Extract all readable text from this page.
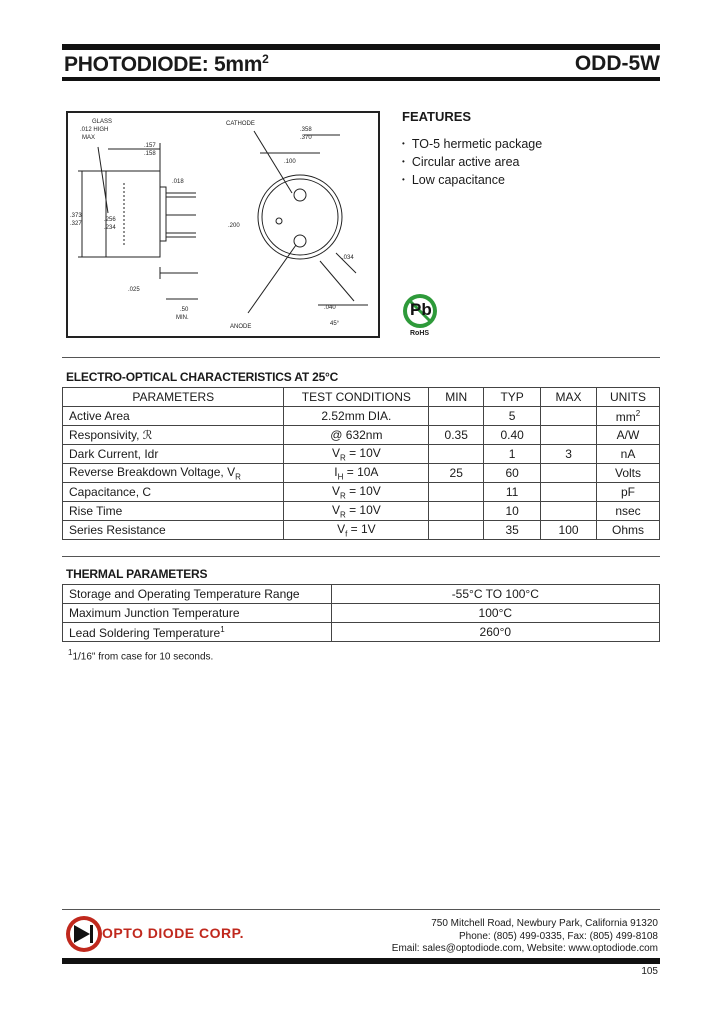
PHOTODIODE: $5mm^2$	ODD-5W
GLASS
.012 HIGH
MAX
.157
.158
.018
.373
.327
.256
.234
.025
.50
MIN.
CATHODE
.358
.370
.100
.200
.034
.040
45°
ANODE
FEATURES
• TO-5 hermetic package
• Circular active area
• Low capacitance
Pb
RoHS
ELECTRO-OPTICAL CHARACTERISTICS AT 25°C
PARAMETERS	TEST CONDITIONS	MIN	TYP	MAX	UNITS
Active Area	2.52mm DIA.		5		$mm^2$
Responsivity, ℛ	@ 632nm	0.35	0.40		A/W
Dark Current, Idr	$V_R = 10V$		1	3	nA
Reverse Breakdown Voltage, $V_R$	$I_H = 10A$	25	60		Volts
Capacitance, C	$V_R = 10V$		11		pF
Rise Time	$V_R = 10V$		10		nsec
Series Resistance	$V_f = 1V$		35	100	Ohms
THERMAL PARAMETERS
Storage and Operating Temperature Range	-55°C TO 100°C
Maximum Junction Temperature	100°C
Lead Soldering Temperature$^1$	260°0
$^1$1/16" from case for 10 seconds.
OPTO DIODE CORP.
750 Mitchell Road, Newbury Park, California 91320
Phone: (805) 499-0335, Fax: (805) 499-8108
Email: sales@optodiode.com, Website: www.optodiode.com
105
